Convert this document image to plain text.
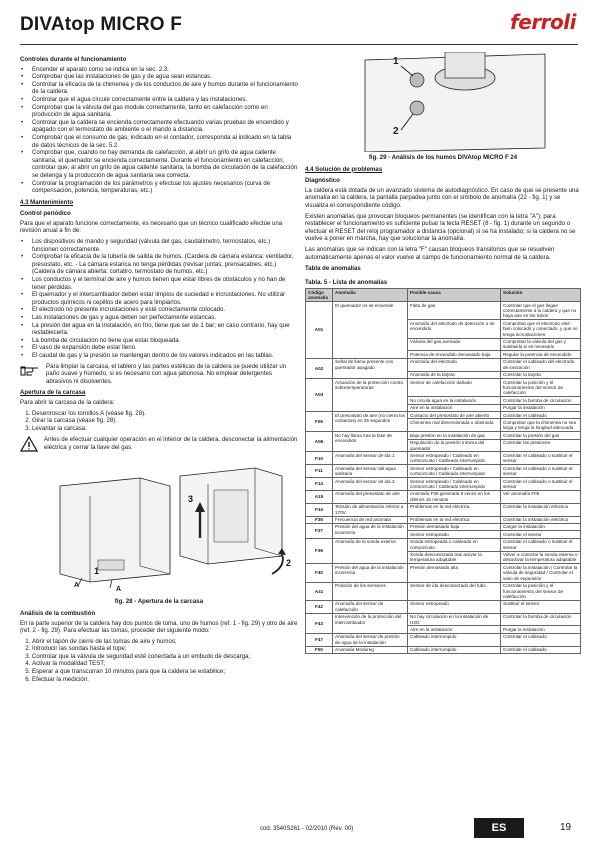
DIVAtop MICRO F	ferroli
Controles durante el funcionamiento
• Encender el aparato como se indica en la sec. 2.3.
• Comprobar que las instalaciones de gas y de agua sean estancas.
• Controlar la eficacia de la chimenea y de los conductos de aire y humos durante el funcionamiento de la caldera.
• Controlar que el agua circule correctamente entre la caldera y las instalaciones.
• Comprobar que la válvula del gas module correctamente, tanto en calefacción como en producción de agua sanitaria.
• Controlar que la caldera se encienda correctamente efectuando varias pruebas de encendido y apagado con el termostato de ambiente o el mando a distancia.
• Comprobar que el consumo de gas, indicado en el contador, corresponda al indicado en la tabla de datos técnicos de la sec. 5.2.
• Comprobar que, cuando no hay demanda de calefacción, al abrir un grifo de agua caliente sanitaria, el quemador se encienda correctamente. Durante el funcionamiento en calefacción, controlar que, al abrir un grifo de agua caliente sanitaria, la bomba de circulación de la calefacción se detenga y la producción de agua sanitaria sea correcta.
• Controlar la programación de los parámetros y efectuar los ajustes necesarios (curva de compensación, potencia, temperaturas, etc.)
4.3 Mantenimiento
Control periódico

Para que el aparato funcione correctamente, es necesario que un técnico cualificado efectúe una revisión anual a fin de:

• Los dispositivos de mando y seguridad (válvula del gas, caudalímetro, termostatos, etc.) funcionen correctamente.
• Comprobar la eficacia de la tubería de salida de humos. (Cardera de cámara estanca: ventilador, presostato, etc. - La cámara estanca no tenga pérdidas (revisar juntas, prensacables, etc.) (Caldera de cámara abierta: cortatiro, termostato de humos, etc.)
• Los conductos y el terminal de aire y humos tienen que estar libres de obstáculos y no han de tener pérdidas.
• El quemador y el intercambiador deben estar limpios de suciedad e incrustaciones. No utilizar productos químicos ni cepillos de acero para limpiarlos.
• El electrodo no presente incrustaciones y esté correctamente colocado.
• Las instalaciones de gas y agua deben ser perfectamente estancas.
• La presión del agua en la instalación, en frío, tiene que ser de 1 bar; en caso contrario, hay que restablecerla.
• La bomba de circulación no tiene que estar bloqueada.
• El vaso de expansión debe estar lleno.
• El caudal de gas y la presión se mantengan dentro de los valores indicados en las tablas.
Para limpiar la carcasa, el tablero y las partes estéticas de la caldera se puede utilizar un paño suave y húmedo, si es necesario con agua jabonosa. No emplear detergentes abrasivos ni disolventes.
Apertura de la carcasa

Para abrir la carcasa de la caldera:

1. Desenroscar los tornillos A (véase fig. 28).
2. Girar la carcasa (véase fig. 28).
3. Levantar la carcasa.
Antes de efectuar cualquier operación en el interior de la caldera, desconectar la alimentación eléctrica y cerrar la llave del gas.
A
A
1
2
3
fig. 28 - Apertura de la carcasa
Análisis de la combustión

En la parte superior de la caldera hay dos puntos de toma, uno de humos (ref. 1 - fig. 29) y otro de aire (ref. 2 - fig. 29). Para efectuar las tomas, proceder del siguiente modo:

1. Abrir el tapón de cierre de las tomas de aire y humos;
2. Introducir las sondas hasta el tope;
3. Controlar que la válvula de seguridad esté conectada a un embudo de descarga;
4. Activar la modalidad TEST;
5. Esperar a que transcurran 10 minutos para que la caldera se estabilice;
6. Efectuar la medición.
1
2
fig. 29 - Análisis de los humos DIVAtop MICRO F 24
4.4 Solución de problemas
Diagnóstico

La caldera está dotada de un avanzado sistema de autodiagnóstico. En caso de que se presente una anomalía en la caldera, la pantalla parpadea junto con el símbolo de anomalía (22 - fig. 1) y se visualiza el correspondiente código.

Existen anomalías que provocan bloqueos permanentes (se identifican con la letra "A"); para restablecer el funcionamiento es suficiente pulsar la tecla RESET (8 - fig. 1) durante un segundo o efectuar el RESET del reloj programador a distancia (opcional) si se ha instalado; si la caldera no se vuelve a poner en marcha, hay que solucionar la anomalía.

Las anomalías que se indican con la letra "F" causan bloqueos transitorios que se resuelven automáticamente apenas el valor vuelve al campo de funcionamiento normal de la caldera.

Tabla de anomalías
Tabla. 5 - Lista de anomalías
Código anomalía	Anomalía	Posible causa	Solución
A01	El quemador no se enciende	Falta de gas	Controlar que el gas llegue correctamente a la caldera y que no haya aire en los tubos
		Anomalía del electrodo de detección o de encendido	Comprobar que el electrodo esté bien colocado y conectado, y que no tenga incrustaciones
		Válvula del gas averiada	Comprobar la válvula del gas y sustituirla si es necesario
		Potencia de encendido demasiado baja	Regular la potencia de encendido
A02	Señal de llama presente con quemador apagado	Anomalía del electrodo	Controlar el cableado del electrodo de ionización
		Anomalía de la tarjeta	Controlar la tarjeta
A03	Actuación de la protección contra sobretemperaturas	Sensor de calefacción dañado	Controlar la posición y el funcionamiento del sensor de calefacción
		No circula agua en la instalación	Controlar la bomba de circulación
		Aire en la instalación	Purgar la instalación
F05	El presostato de aire (no cierra los contactos) en 25 segundos	Contacto del presostato de aire abierto	Controlar el cableado
		Chimenea mal dimensionada u obstruida	Comprobar que la chimenea no sea larga y tenga la longitud adecuada
A06	No hay llama tras la fase de encendido	Baja presión en la instalación de gas	Controlar la presión del gas
		Regulación de la presión mínima del quemador	Controlar las presiones
F10	Anomalía del sensor de ida 1	Sensor estropeado / Cableado en cortocircuito / Cableado interrumpido	Controlar el cableado o sustituir el sensor
F11	Anomalía del sensor del agua sanitaria	Sensor estropeado / Cableado en cortocircuito / Cableado interrumpido	Controlar el cableado o sustituir el sensor
F14	Anomalía del sensor de ida 2	Sensor estropeado / Cableado en cortocircuito / Cableado interrumpido	Controlar el cableado o sustituir el sensor
A15	Anomalía del presostato de aire	Anomalía F05 generada 5 veces en los últimos 15 minutos	Ver anomalía F05
F34	Tensión de alimentación inferior a 170V.	Problemas en la red eléctrica	Controlar la instalación eléctrica
F35	Frecuencia de red anómala	Problemas en la red eléctrica	Controlar la instalación eléctrica
F37	Presión del agua de la instalación incorrecta	Presión demasiado baja	Cargar la instalación
		Sensor estropeado	Controlar el sensor
F39	Anomalía de la sonda exterior	Sonda estropeada o cableado en cortocircuito	Controlar el cableado o sustituir el sensor
		Sonda desconectada tras activar la temperatura adaptable	Volver a conectar la sonda externa o desactivar la temperatura adaptable
F40	Presión del agua de la instalación incorrecta	Presión demasiado alta	Controlar la instalación / Controlar la válvula de seguridad / Controlar el vaso de expansión
A41	Posición de los sensores	Sensor de ida desconectado del tubo	Controlar la posición y el funcionamiento del sensor de calefacción
F42	Anomalía del sensor de calefacción	Sensor estropeado	Sustituir el sensor
F43	Intervención de la protección del intercambiador	No hay circulación en la instalación de H2O	Controlar la bomba de circulación
		Aire en la instalación	Purgar la instalación
F47	Anomalía del sensor de presión de agua de la instalación	Cableado interrumpido	Controlar el cableado
F50	Anomalía Modureg	Cableado interrumpido	Controlar el cableado
cod. 3540S261 - 02/2010 (Rev. 00)	ES	19
